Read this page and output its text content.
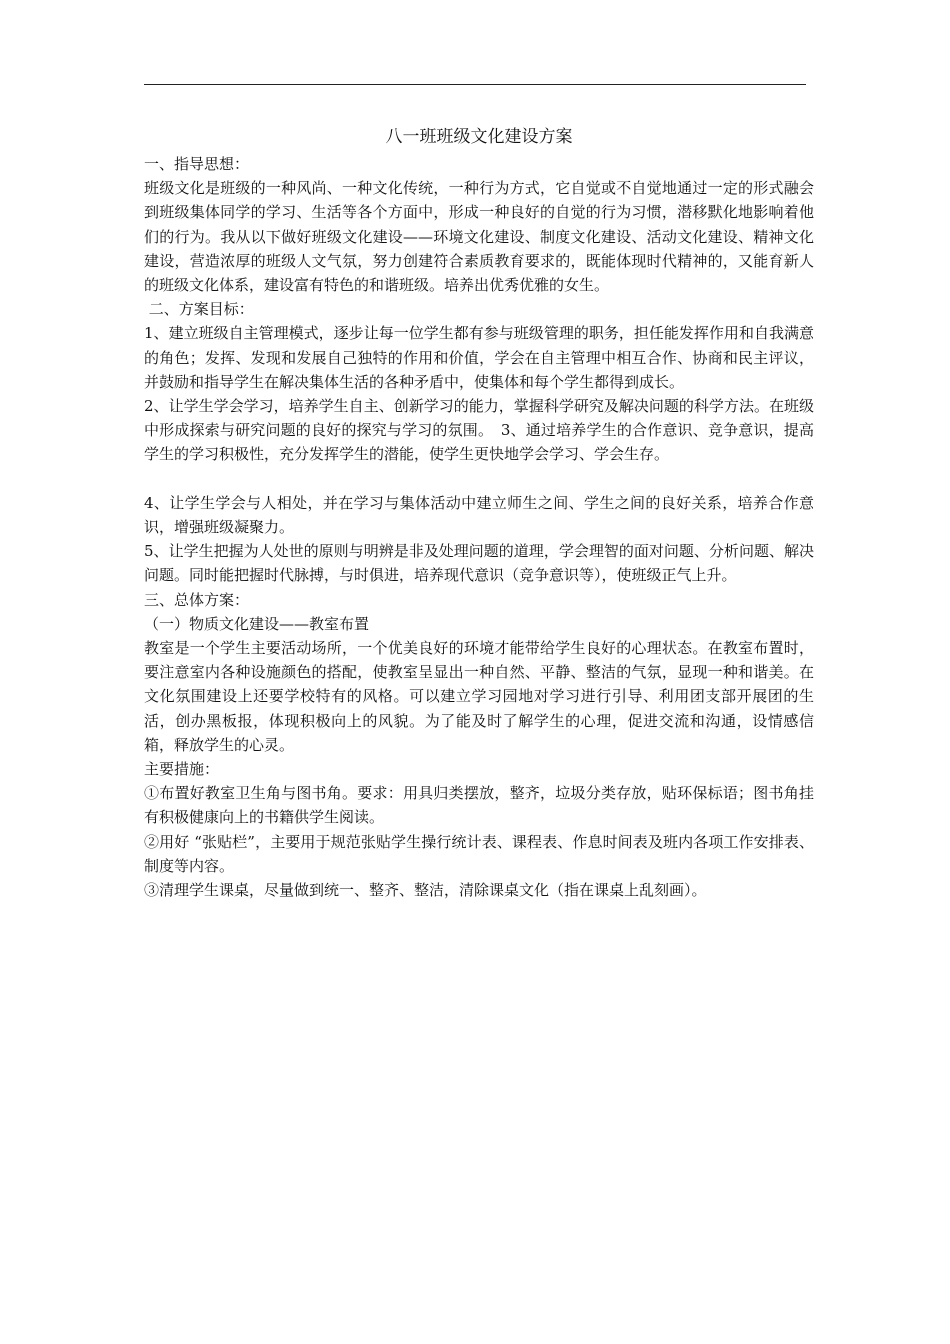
八一班班级文化建设方案
一、指导思想：
班级文化是班级的一种风尚、一种文化传统，一种行为方式，它自觉或不自觉地通过一定的形式融会到班级集体同学的学习、生活等各个方面中，形成一种良好的自觉的行为习惯，潜移默化地影响着他们的行为。我从以下做好班级文化建设——环境文化建设、制度文化建设、活动文化建设、精神文化建设，营造浓厚的班级人文气氛，努力创建符合素质教育要求的，既能体现时代精神的，又能育新人的班级文化体系，建设富有特色的和谐班级。培养出优秀优雅的女生。
二、方案目标：
1、建立班级自主管理模式，逐步让每一位学生都有参与班级管理的职务，担任能发挥作用和自我满意的角色；发挥、发现和发展自己独特的作用和价值，学会在自主管理中相互合作、协商和民主评议，并鼓励和指导学生在解决集体生活的各种矛盾中，使集体和每个学生都得到成长。
2、让学生学会学习，培养学生自主、创新学习的能力，掌握科学研究及解决问题的科学方法。在班级中形成探索与研究问题的良好的探究与学习的氛围。　3、通过培养学生的合作意识、竞争意识，提高学生的学习积极性，充分发挥学生的潜能，使学生更快地学会学习、学会生存。
4、让学生学会与人相处，并在学习与集体活动中建立师生之间、学生之间的良好关系，培养合作意识，增强班级凝聚力。
5、让学生把握为人处世的原则与明辨是非及处理问题的道理，学会理智的面对问题、分析问题、解决问题。同时能把握时代脉搏，与时俱进，培养现代意识（竞争意识等），使班级正气上升。
三、总体方案：
（一）物质文化建设——教室布置
教室是一个学生主要活动场所，一个优美良好的环境才能带给学生良好的心理状态。在教室布置时，要注意室内各种设施颜色的搭配，使教室呈显出一种自然、平静、整洁的气氛，显现一种和谐美。在文化氛围建设上还要学校特有的风格。可以建立学习园地对学习进行引导、利用团支部开展团的生活，创办黑板报，体现积极向上的风貌。为了能及时了解学生的心理，促进交流和沟通，设情感信箱，释放学生的心灵。
主要措施：
①布置好教室卫生角与图书角。要求：用具归类摆放，整齐，垃圾分类存放，贴环保标语；图书角挂有积极健康向上的书籍供学生阅读。
②用好 “张贴栏”，主要用于规范张贴学生操行统计表、课程表、作息时间表及班内各项工作安排表、制度等内容。
③清理学生课桌，尽量做到统一、整齐、整洁，清除课桌文化（指在课桌上乱刻画）。
